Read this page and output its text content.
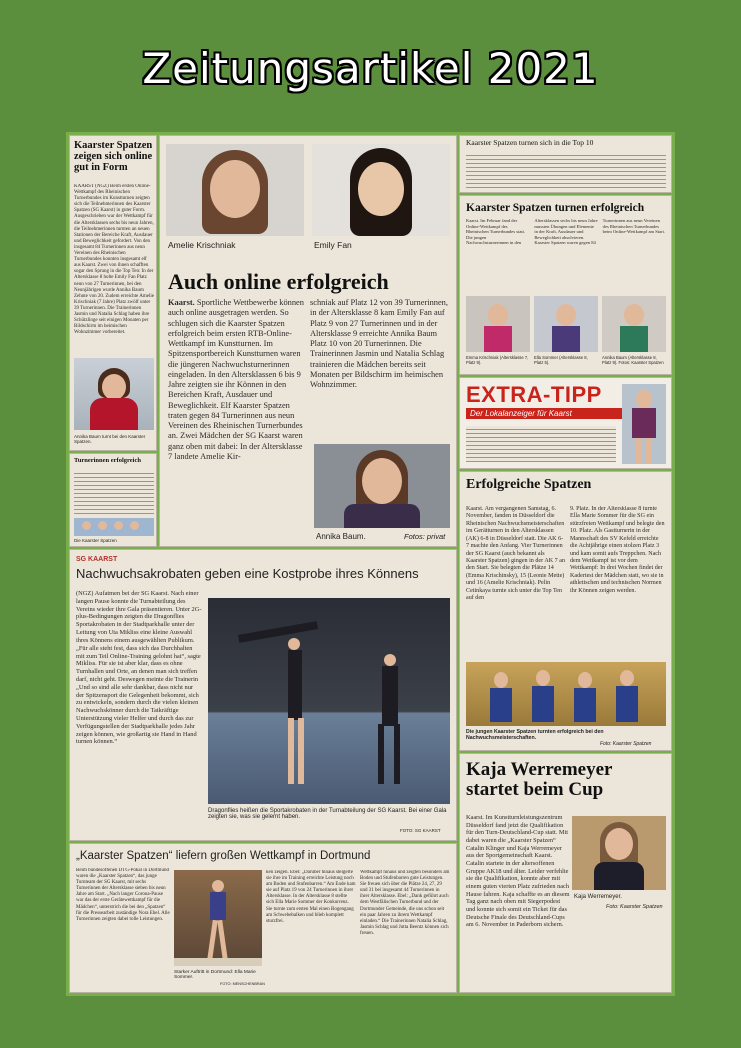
Zeitungsartikel 2021
Kaarster Spatzen zeigen sich online gut in Form
KAARST (NGZ) Beim ersten Online-Wettkampf des Rheinischen Turnerbundes im Kunstturnen zeigten sich die Teilnehmerinnen des Kaarster Spatzen (SG Kaarst) in guter Form. Ausgeschrieben war der Wettkampf für die Altersklassen sechs bis neun Jahren, die Teilnehmerinnen turnten an neuen Stationen der Bereiche Kraft, Ausdauer und Beweglichkeit gefordert. Von den insgesamt 84 Turnerinnen aus neun Vereinen des Rheinischen Turnerbundes konnten insgesamt elf aus Kaarst. Zwei von ihnen schafften sogar den Sprung in die Top Ten: In der Altersklasse 8 holte Emily Fan Platz neun von 27 Turnerinnen, bei den Neunjährigen wurde Annika Baum Zehnte von 20. Zudem erreichte Amelie Krischniak (7 Jahre) Platz zwölf unter 39 Turnerinnen. Die Trainerinnen Jasmin und Natalia Schlag haben ihre Schützlinge seit einigen Monaten per Bildschirm im heimischen Wohnzimmer vorbereitet.
Annika Baum turnt bei den Kaarster Spatzen.
Turnerinnen erfolgreich
Die Kaarster Spatzen
Amelie Krischniak	Emily Fan
Auch online erfolgreich
Kaarst. Sportliche Wettbewerbe können auch online ausgetragen werden. So schlugen sich die Kaarster Spatzen erfolgreich beim ersten RTB-Online-Wettkampf im Kunstturnen. Im Spitzensportbereich Kunstturnen waren die jüngeren Nachwuchsturnerinnen eingeladen. In den Altersklassen 6 bis 9 Jahre zeigten sie ihr Können in den Bereichen Kraft, Ausdauer und Beweglichkeit. Elf Kaarster Spatzen traten gegen 84 Turnerinnen aus neun Vereinen des Rheinischen Turnerbundes an. Zwei Mädchen der SG Kaarst waren ganz oben mit dabei: In der Altersklasse 7 landete Amelie Kir-
schniak auf Platz 12 von 39 Turnerinnen, in der Altersklasse 8 kam Emily Fan auf Platz 9 von 27 Turnerinnen und in der Altersklasse 9 erreichte Annika Baum Platz 10 von 20 Turnerinnen. Die Trainerinnen Jasmin und Natalia Schlag trainieren die Mädchen bereits seit Monaten per Bildschirm im heimischen Wohnzimmer.
Annika Baum.	Fotos: privat
Kaarster Spatzen turnen sich in die Top 10
Kaarster Spatzen turnen erfolgreich
Kaarst. Im Februar fand der Online-Wettkampf des Rheinischen Turnerbundes statt. Die jungen Nachwuchsturnerinnen in den Altersklassen sechs bis neun Jahre mussten Übungen und Elemente in der Kraft, Ausdauer und Beweglichkeit absolvieren. Kaarster Spatzen waren gegen 84 Turnerinnen aus neun Vereinen des Rheinischen Turnerbundes beim Online-Wettkampf am Start.
Emma Krischniak (Altersklasse 7, Platz 9).
Ella Sommer (Altersklasse 8, Platz 5).
Annika Baum (Altersklasse 8, Platz 9). Fotos: Kaarster Spatzen
EXTRA-TIPP
Der Lokalanzeiger für Kaarst
Erfolgreiche Spatzen
Kaarst. Am vergangenen Samstag, 6. November, fanden in Düsseldorf die Rheinischen Nachwuchsmeisterschaften im Gerätturnen in den Altersklassen (AK) 6-8 in Düsseldorf statt. Die AK 6-7 machte den Anfang. Vier Turnerinnen der SG Kaarst (auch bekannt als Kaarster Spatzen) gingen in der AK 7 an den Start. Sie belegten die Plätze 14 (Emma Krischinsky), 15 (Leonie Mette) und 16 (Amelie Krischniak). Pelin Cetinkaya turnte sich unter die Top Ten auf den
9. Platz. In der Altersklasse 8 turnte Ella Marie Sommer für die SG ein stürzfreien Wettkampf und belegte den 10. Platz. Als Gastturnerin in der Mannschaft des SV Kefeld erreichte die Achtjährige einen stolzen Platz 3 und kam somit aufs Treppchen. Nach dem Wettkampf ist vor dem Wettkampf: In drei Wochen findet der Kadertest der Mädchen statt, wo sie in athletischen und technischen Normen ihr Können zeigen werden.
Die jungen Kaarster Spatzen turnten erfolgreich bei den Nachwuchsmeisterschaften.
Foto: Kaarster Spatzen
SG KAARST
Nachwuchsakrobaten geben eine Kostprobe ihres Könnens
(NGZ) Aufatmen bei der SG Kaarst. Nach einer langen Pause konnte die Turnabteilung des Vereins wieder ihre Gala präsentieren. Unter 2G-plus-Bedingungen zeigten die Dragonflies Sportakrobaten in der Stadtparkhalle unter der Leitung von Uta Mikliss eine kleine Auswahl ihres Könnens einem ausgewählten Publikum. „Für alle steht fest, dass sich das Durchhalten mit zum Teil Online-Training gelohnt hat“, sagte Mikliss. Für sie ist aber klar, dass es ohne Turnhallen und Orte, an denen man sich treffen darf, nicht geht. Deswegen meinte die Trainerin „Und so sind alle sehr dankbar, dass nicht nur der Spitzensport die Gelegenheit bekommt, sich zu entwickeln, sondern durch die vielen kleinen Nachwuchskönner durch die Tatkräftige Unterstützung vieler Helfer und durch das zur Verfügungstellen der Stadtparkhalle jedes Jahr zeigen können, wie großartig sie Hand in Hand turnen können.“
Dragonflies heißen die Sportakrobaten in der Turnabteilung der SG Kaarst. Bei einer Gala zeigten sie, was sie gelernt haben.
FOTO: SG KAARST
Kaja Werremeyer startet beim Cup
Kaarst. Im Kunstturnleistungszentrum Düsseldorf fand jetzt die Qualifikation für den Turn-Deutschland-Cup statt. Mit dabei waren die „Kaarster Spatzen“ Catalin Klinger und Kaja Werremeyer aus der Sportgemeinschaft Kaarst. Catalin startete in der altersoffenen Gruppe AK18 und älter. Leider verfehlte sie die Qualifikation, konnte aber mit einem guten vierten Platz zufrieden nach Hause fahren. Kaja schaffte es an diesem Tag ganz nach oben mit Siegerpodest und konnte sich somit ein Ticket für das Deutsche Finale des Deutschland-Cups am 6. November in Paderborn sichern.
Kaja Werremeyer.
Foto: Kaarster Spatzen
„Kaarster Spatzen“ liefern großen Wettkampf in Dortmund
Beim bundesoffenen DTG-Pokal in Dortmund waren die „Kaarster Spatzen“, das junge Turnteam der SG Kaarst, mit sechs Turnerinnen der Altersklasse sieben bis neun Jahre am Start. „Nach langer Corona-Pause war das der erste Gerätewettkampf für die Mädchen“, unterstrich die bei den „Spatzen“ für die Pressearbeit zuständige Nora Ebel. Alle Turnerinnen zeigten dabei tolle Leistungen.
Starker Auftritt in Dortmund: Ella Marie Sommer.
FOTO: MENSCHENBRAN
ken zeigen. Ebel: „Darüber hinaus steigerte sie ihre im Training erreichte Leistung noch am Boden und Stufenbarren.“ Am Ende kam sie auf Platz 19 von 24 Turnerinnen in ihrer Altersklasse. In der Altersklasse 8 stellte sich Ella Marie Sommer der Konkurrenz. Sie turnte zum ersten Mal einen Bogengang am Schwebebalken und blieb komplett sturzfrei.
Wettkampf hinaus und zeigten besonders am Boden und Stufenbarren gute Leistungen. Sie freuen sich über die Plätze 24, 27, 29 und 31 bei insgesamt 44 Turnerinnen in ihrer Altersklasse. Ebel: „Dank geführt auch dem Westfälischen Turnerbund und der Dortmunder Gemeinde, die uns schon seit ein paar Jahren zu ihrem Wettkampf einladen.“ Die Trainerinnen Natalia Schlag, Jasmin Schlag und Jutta Beentz können sich freuen.
